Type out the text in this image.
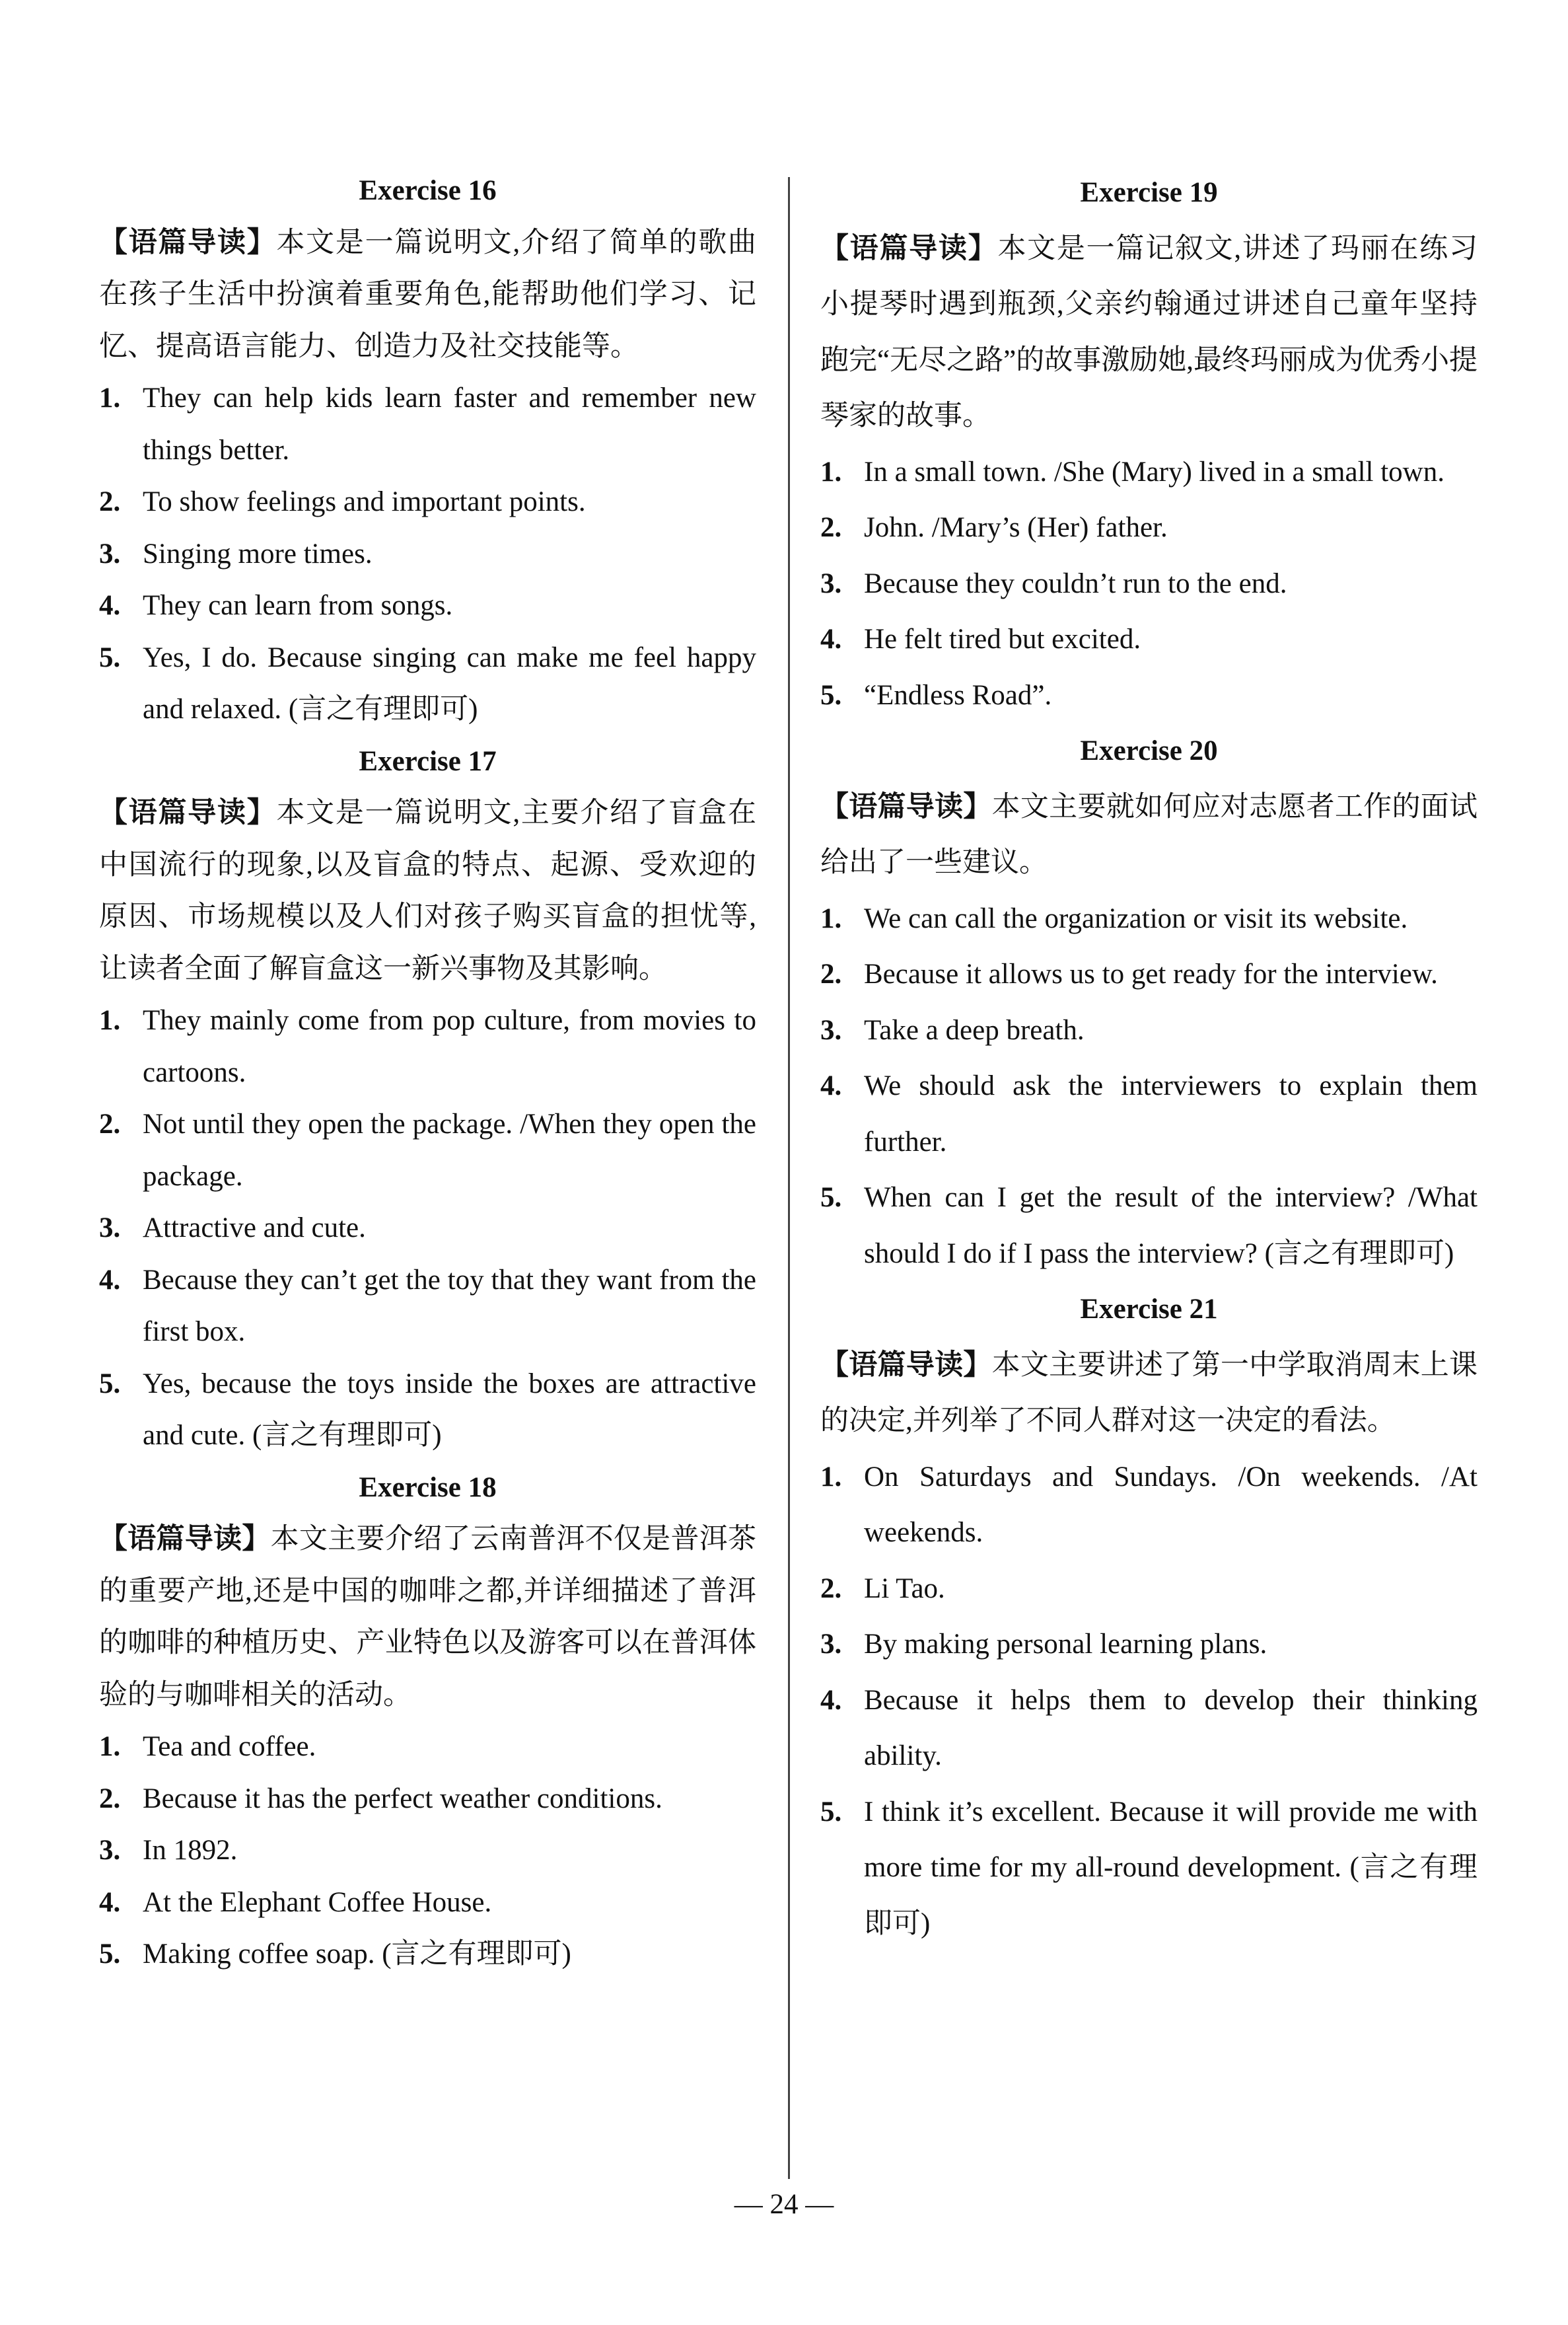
Exercise 16
【语篇导读】本文是一篇说明文,介绍了简单的歌曲在孩子生活中扮演着重要角色,能帮助他们学习、记忆、提高语言能力、创造力及社交技能等。
1. They can help kids learn faster and remember new things better.
2. To show feelings and important points.
3. Singing more times.
4. They can learn from songs.
5. Yes, I do. Because singing can make me feel happy and relaxed. (言之有理即可)
Exercise 17
【语篇导读】本文是一篇说明文,主要介绍了盲盒在中国流行的现象,以及盲盒的特点、起源、受欢迎的原因、市场规模以及人们对孩子购买盲盒的担忧等,让读者全面了解盲盒这一新兴事物及其影响。
1. They mainly come from pop culture, from movies to cartoons.
2. Not until they open the package. /When they open the package.
3. Attractive and cute.
4. Because they can’t get the toy that they want from the first box.
5. Yes, because the toys inside the boxes are attractive and cute. (言之有理即可)
Exercise 18
【语篇导读】本文主要介绍了云南普洱不仅是普洱茶的重要产地,还是中国的咖啡之都,并详细描述了普洱的咖啡的种植历史、产业特色以及游客可以在普洱体验的与咖啡相关的活动。
1. Tea and coffee.
2. Because it has the perfect weather conditions.
3. In 1892.
4. At the Elephant Coffee House.
5. Making coffee soap. (言之有理即可)
Exercise 19
【语篇导读】本文是一篇记叙文,讲述了玛丽在练习小提琴时遇到瓶颈,父亲约翰通过讲述自己童年坚持跑完“无尽之路”的故事激励她,最终玛丽成为优秀小提琴家的故事。
1. In a small town. /She (Mary) lived in a small town.
2. John. /Mary’s (Her) father.
3. Because they couldn’t run to the end.
4. He felt tired but excited.
5. “Endless Road”.
Exercise 20
【语篇导读】本文主要就如何应对志愿者工作的面试给出了一些建议。
1. We can call the organization or visit its website.
2. Because it allows us to get ready for the interview.
3. Take a deep breath.
4. We should ask the interviewers to explain them further.
5. When can I get the result of the interview? /What should I do if I pass the interview? (言之有理即可)
Exercise 21
【语篇导读】本文主要讲述了第一中学取消周末上课的决定,并列举了不同人群对这一决定的看法。
1. On Saturdays and Sundays. /On weekends. /At weekends.
2. Li Tao.
3. By making personal learning plans.
4. Because it helps them to develop their thinking ability.
5. I think it’s excellent. Because it will provide me with more time for my all-round development. (言之有理即可)
— 24 —
